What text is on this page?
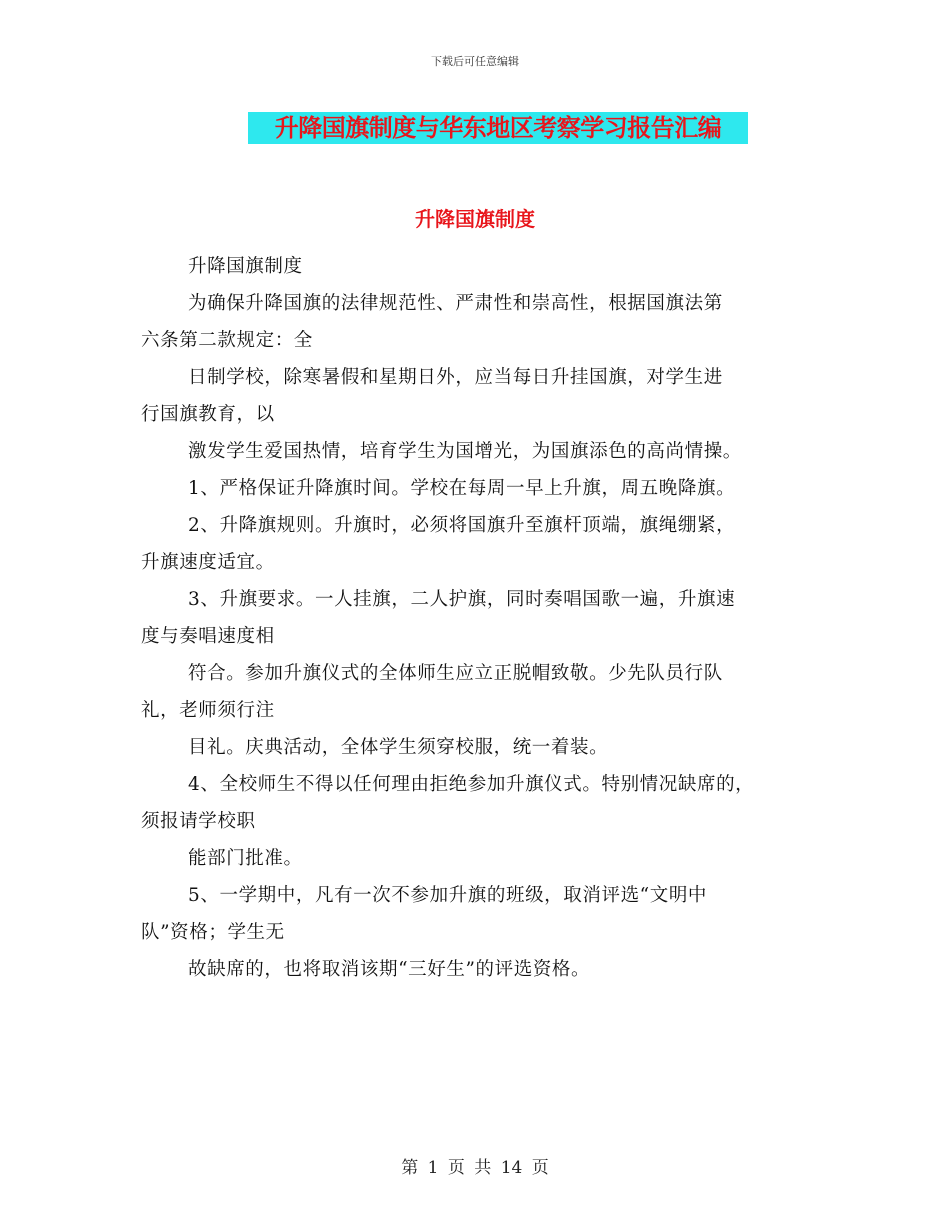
下载后可任意编辑
升降国旗制度与华东地区考察学习报告汇编
升降国旗制度
升降国旗制度
为确保升降国旗的法律规范性、严肃性和崇高性，根据国旗法第
六条第二款规定：全
日制学校，除寒暑假和星期日外，应当每日升挂国旗，对学生进
行国旗教育，以
激发学生爱国热情，培育学生为国增光，为国旗添色的高尚情操。
1、严格保证升降旗时间。学校在每周一早上升旗，周五晚降旗。
2、升降旗规则。升旗时，必须将国旗升至旗杆顶端，旗绳绷紧，
升旗速度适宜。
3、升旗要求。一人挂旗，二人护旗，同时奏唱国歌一遍，升旗速
度与奏唱速度相
符合。参加升旗仪式的全体师生应立正脱帽致敬。少先队员行队
礼，老师须行注
目礼。庆典活动，全体学生须穿校服，统一着装。
4、全校师生不得以任何理由拒绝参加升旗仪式。特别情况缺席的，
须报请学校职
能部门批准。
5、一学期中，凡有一次不参加升旗的班级，取消评选“文明中
队”资格；学生无
故缺席的，也将取消该期“三好生”的评选资格。
第 1 页 共 14 页
